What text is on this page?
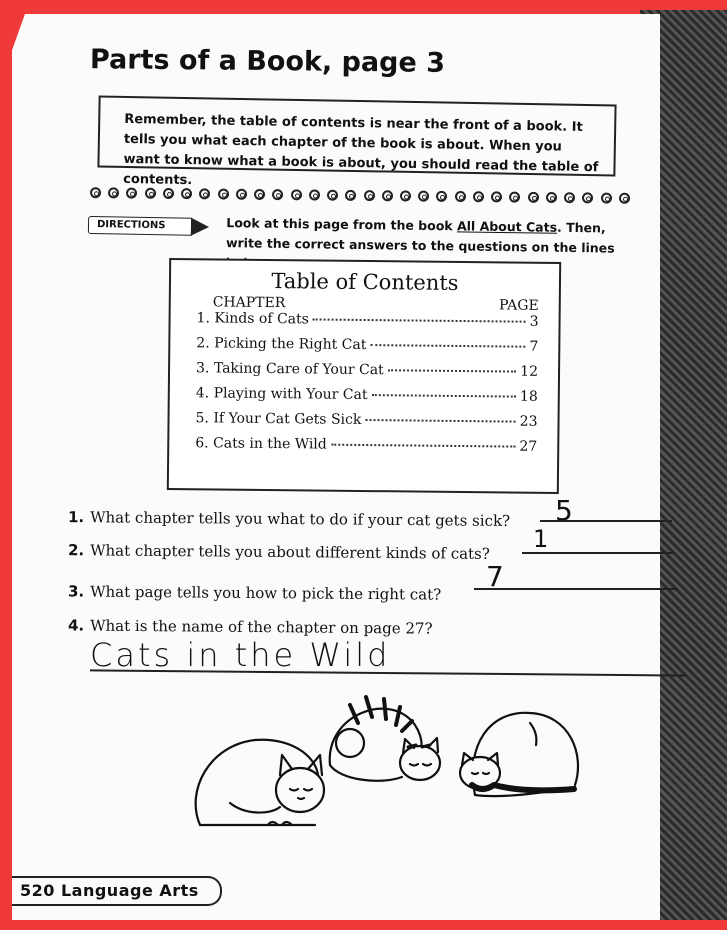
Parts of a Book, page 3

Remember, the table of contents is near the front of a book. It tells you what each chapter of the book is about. When you want to know what a book is about, you should read the table of contents.

DIRECTIONS	Look at this page from the book All About Cats. Then, write the correct answers to the questions on the lines
Table of Contents
CHAPTER	PAGE
1. Kinds of Cats	3
2. Picking the Right Cat	7
3. Taking Care of Your Cat	12
4. Playing with Your Cat	18
5. If Your Cat Gets Sick	23
6. Cats in the Wild	27
1. What chapter tells you what to do if your cat gets sick? 5
2. What chapter tells you about different kinds of cats? 1
3. What page tells you how to pick the right cat?
7
4. What is the name of the chapter on page 27?
Cats in the Wild
520 Language Arts
